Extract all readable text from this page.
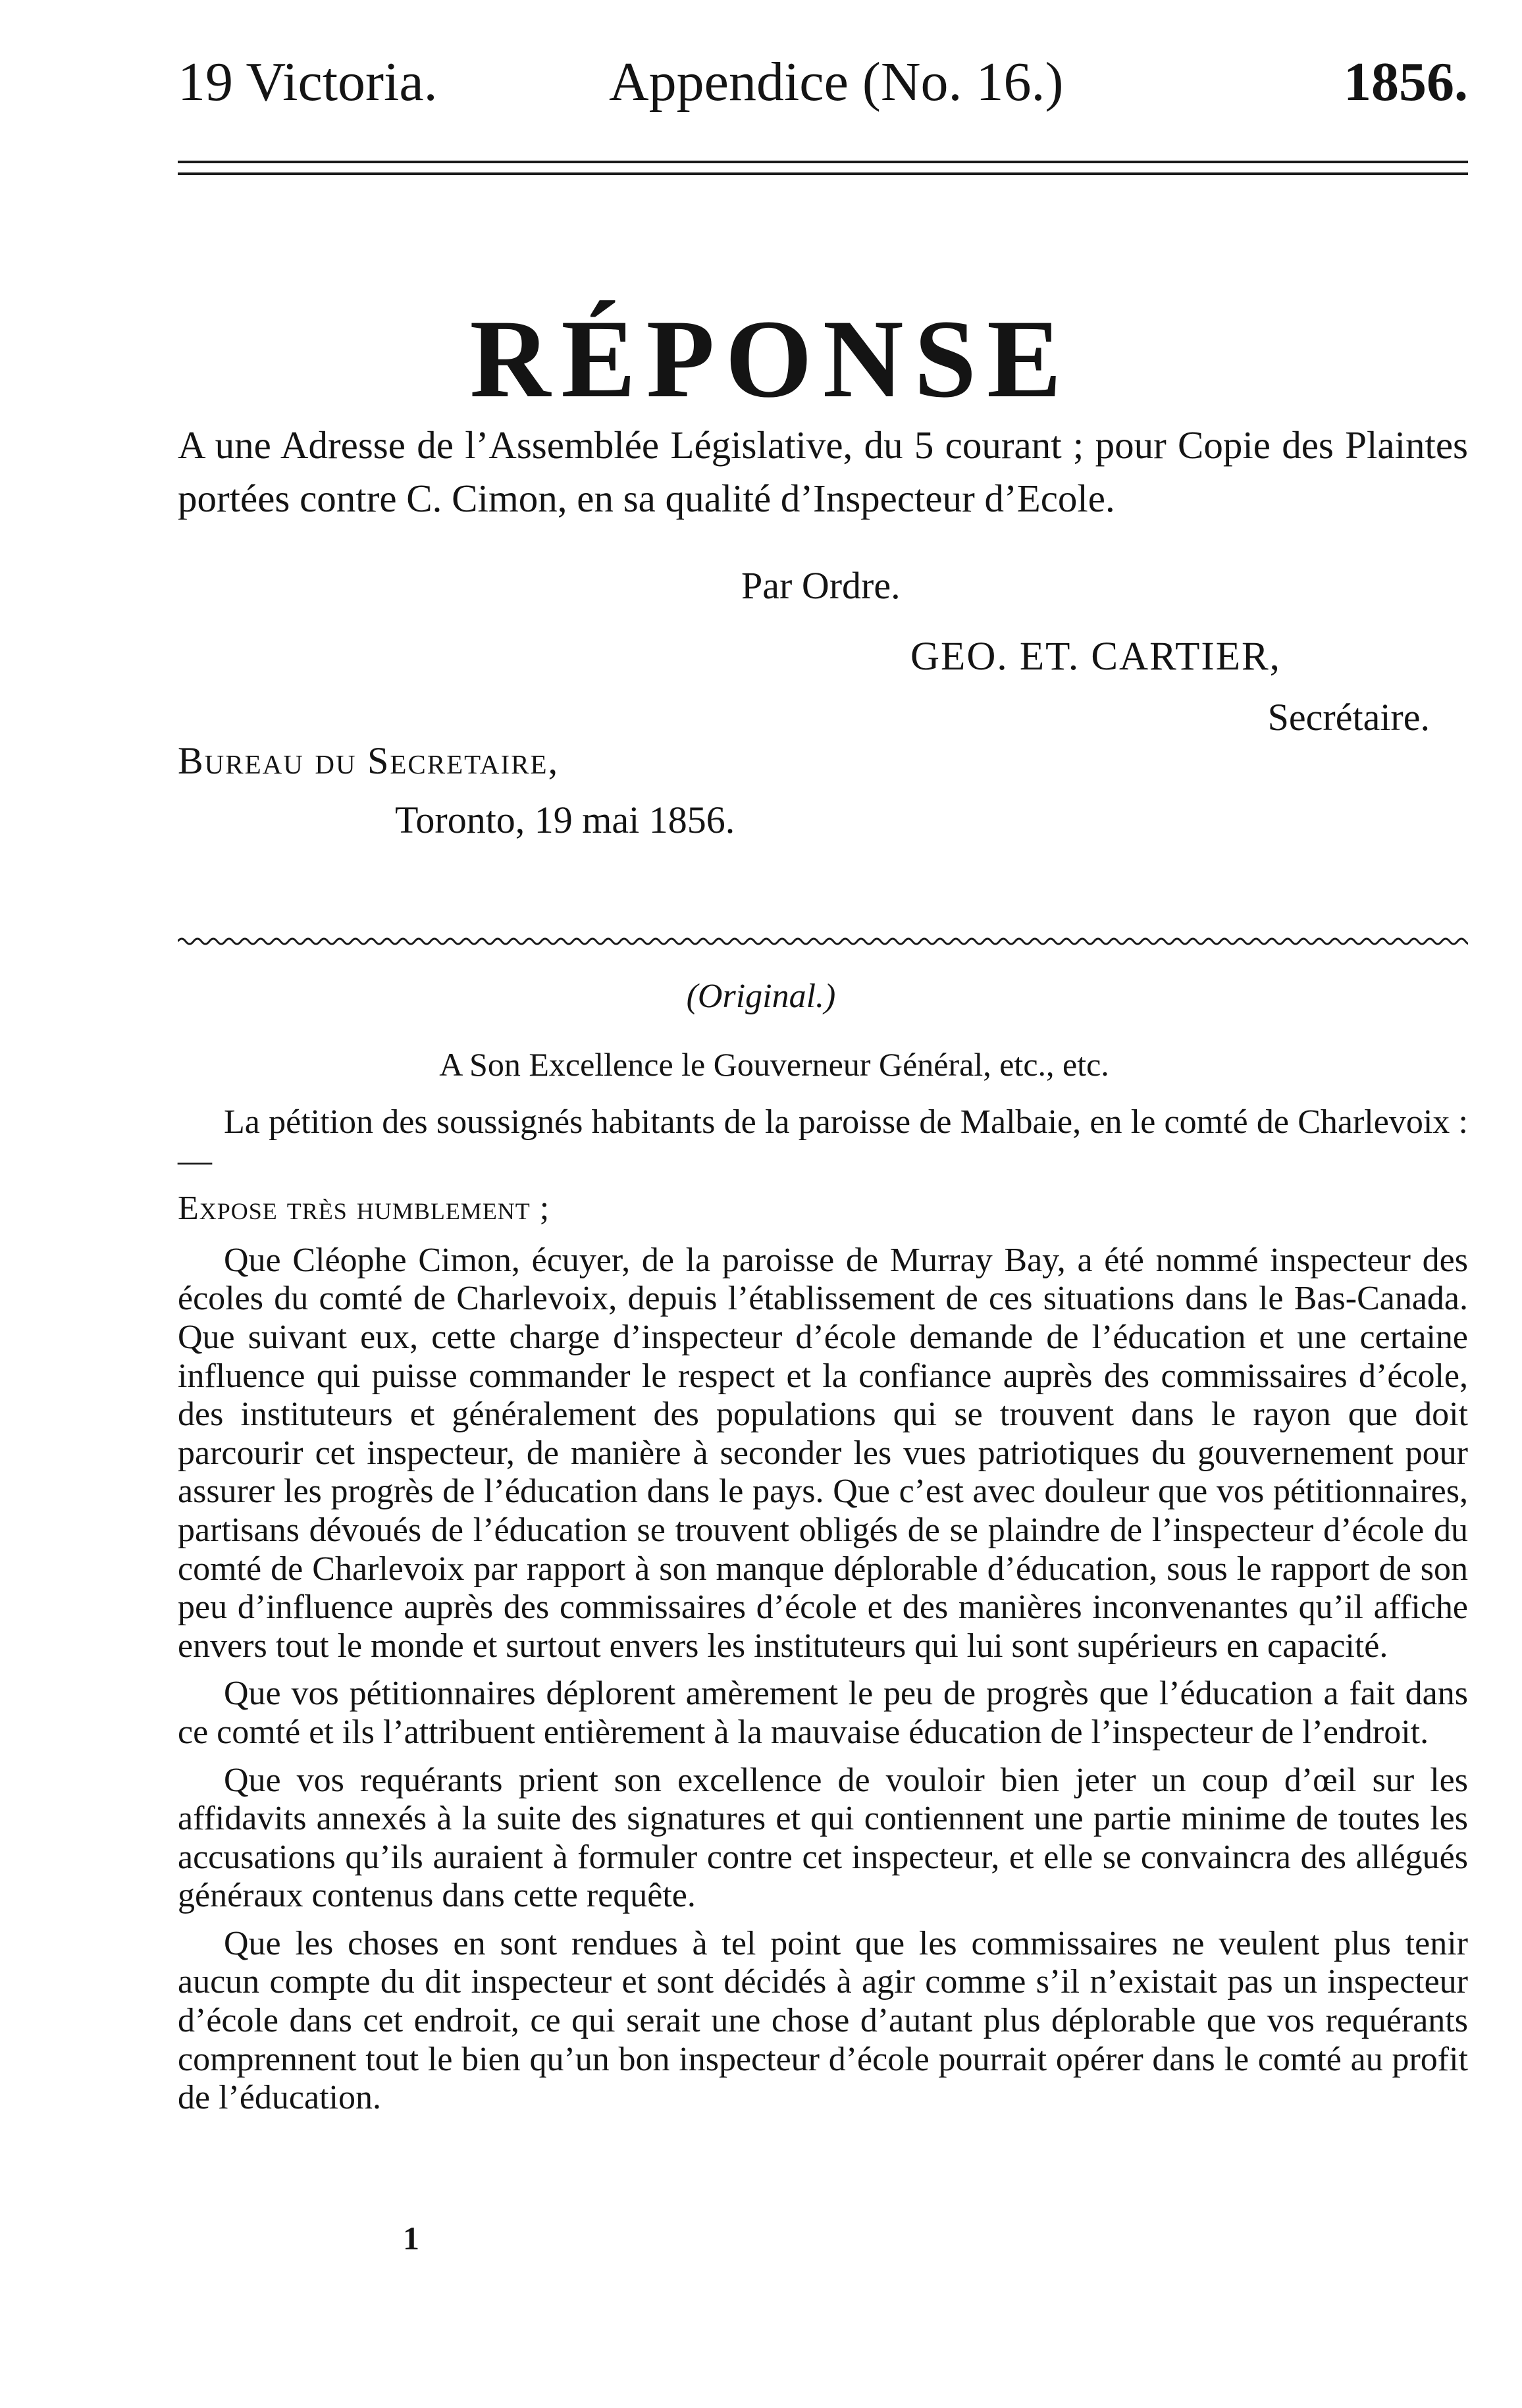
19 Victoria.	Appendice (No. 16.)	1856.
RÉPONSE
A une Adresse de l’Assemblée Législative, du 5 courant ; pour Copie des Plaintes portées contre C. Cimon, en sa qualité d’Inspecteur d’Ecole.
Par Ordre.
GEO. ET. CARTIER,
Secrétaire.
Bureau du Secretaire,
Toronto, 19 mai 1856.
(Original.)
A Son Excellence le Gouverneur Général, etc., etc.

La pétition des soussignés habitants de la paroisse de Malbaie, en le comté de Charlevoix :—

Expose très humblement ;

Que Cléophe Cimon, écuyer, de la paroisse de Murray Bay, a été nommé inspecteur des écoles du comté de Charlevoix, depuis l’établissement de ces situations dans le Bas-Canada. Que suivant eux, cette charge d’inspecteur d’école demande de l’éducation et une certaine influence qui puisse commander le respect et la confiance auprès des commissaires d’école, des instituteurs et généralement des populations qui se trouvent dans le rayon que doit parcourir cet inspecteur, de manière à seconder les vues patriotiques du gouvernement pour assurer les progrès de l’éducation dans le pays. Que c’est avec douleur que vos pétitionnaires, partisans dévoués de l’éducation se trouvent obligés de se plaindre de l’inspecteur d’école du comté de Charlevoix par rapport à son manque déplorable d’éducation, sous le rapport de son peu d’influence auprès des commissaires d’école et des manières inconvenantes qu’il affiche envers tout le monde et surtout envers les instituteurs qui lui sont supérieurs en capacité.

Que vos pétitionnaires déplorent amèrement le peu de progrès que l’éducation a fait dans ce comté et ils l’attribuent entièrement à la mauvaise éducation de l’inspecteur de l’endroit.

Que vos requérants prient son excellence de vouloir bien jeter un coup d’œil sur les affidavits annexés à la suite des signatures et qui contiennent une partie minime de toutes les accusations qu’ils auraient à formuler contre cet inspecteur, et elle se convaincra des allégués généraux contenus dans cette requête.

Que les choses en sont rendues à tel point que les commissaires ne veulent plus tenir aucun compte du dit inspecteur et sont décidés à agir comme s’il n’existait pas un inspecteur d’école dans cet endroit, ce qui serait une chose d’autant plus déplorable que vos requérants comprennent tout le bien qu’un bon inspecteur d’école pourrait opérer dans le comté au profit de l’éducation.

1
